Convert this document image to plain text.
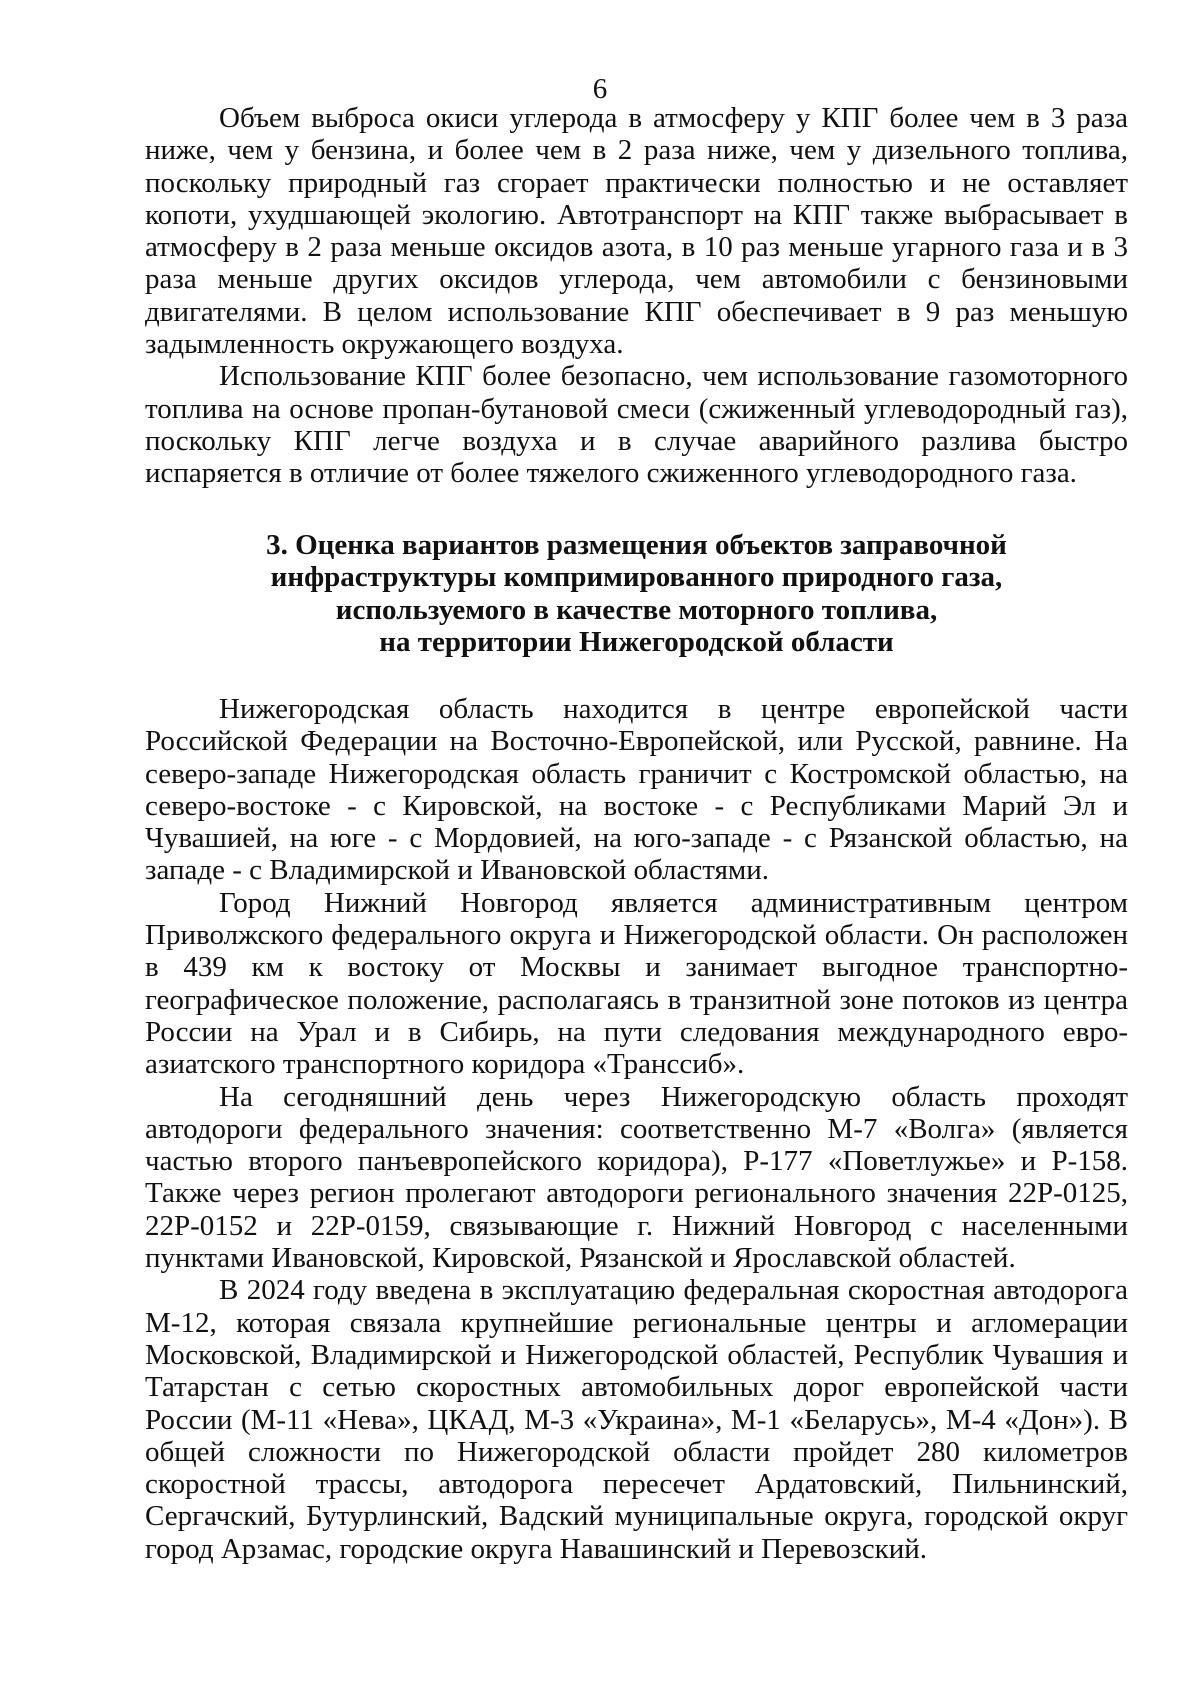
6

Объем выброса окиси углерода в атмосферу у КПГ более чем в 3 раза ниже, чем у бензина, и более чем в 2 раза ниже, чем у дизельного топлива, поскольку природный газ сгорает практически полностью и не оставляет копоти, ухудшающей экологию. Автотранспорт на КПГ также выбрасывает в атмосферу в 2 раза меньше оксидов азота, в 10 раз меньше угарного газа и в 3 раза меньше других оксидов углерода, чем автомобили с бензиновыми двигателями. В целом использование КПГ обеспечивает в 9 раз меньшую задымленность окружающего воздуха.

Использование КПГ более безопасно, чем использование газомоторного топлива на основе пропан-бутановой смеси (сжиженный углеводородный газ), поскольку КПГ легче воздуха и в случае аварийного разлива быстро испаряется в отличие от более тяжелого сжиженного углеводородного газа.

3. Оценка вариантов размещения объектов заправочной
инфраструктуры компримированного природного газа,
используемого в качестве моторного топлива,
на территории Нижегородской области

Нижегородская область находится в центре европейской части Российской Федерации на Восточно-Европейской, или Русской, равнине. На северо-западе Нижегородская область граничит с Костромской областью, на северо-востоке - с Кировской, на востоке - с Республиками Марий Эл и Чувашией, на юге - с Мордовией, на юго-западе - с Рязанской областью, на западе - с Владимирской и Ивановской областями.

Город Нижний Новгород является административным центром Приволжского федерального округа и Нижегородской области. Он расположен в 439 км к востоку от Москвы и занимает выгодное транспортно-географическое положение, располагаясь в транзитной зоне потоков из центра России на Урал и в Сибирь, на пути следования международного евро-азиатского транспортного коридора «Транссиб».

На сегодняшний день через Нижегородскую область проходят автодороги федерального значения: соответственно М-7 «Волга» (является частью второго панъевропейского коридора), Р-177 «Поветлужье» и Р-158. Также через регион пролегают автодороги регионального значения 22Р-0125, 22Р-0152 и 22Р-0159, связывающие г. Нижний Новгород с населенными пунктами Ивановской, Кировской, Рязанской и Ярославской областей.

В 2024 году введена в эксплуатацию федеральная скоростная автодорога М-12, которая связала крупнейшие региональные центры и агломерации Московской, Владимирской и Нижегородской областей, Республик Чувашия и Татарстан с сетью скоростных автомобильных дорог европейской части России (М-11 «Нева», ЦКАД, М-3 «Украина», М-1 «Беларусь», М-4 «Дон»). В общей сложности по Нижегородской области пройдет 280 километров скоростной трассы, автодорога пересечет Ардатовский, Пильнинский, Сергачский, Бутурлинский, Вадский муниципальные округа, городской округ город Арзамас, городские округа Навашинский и Перевозский.
